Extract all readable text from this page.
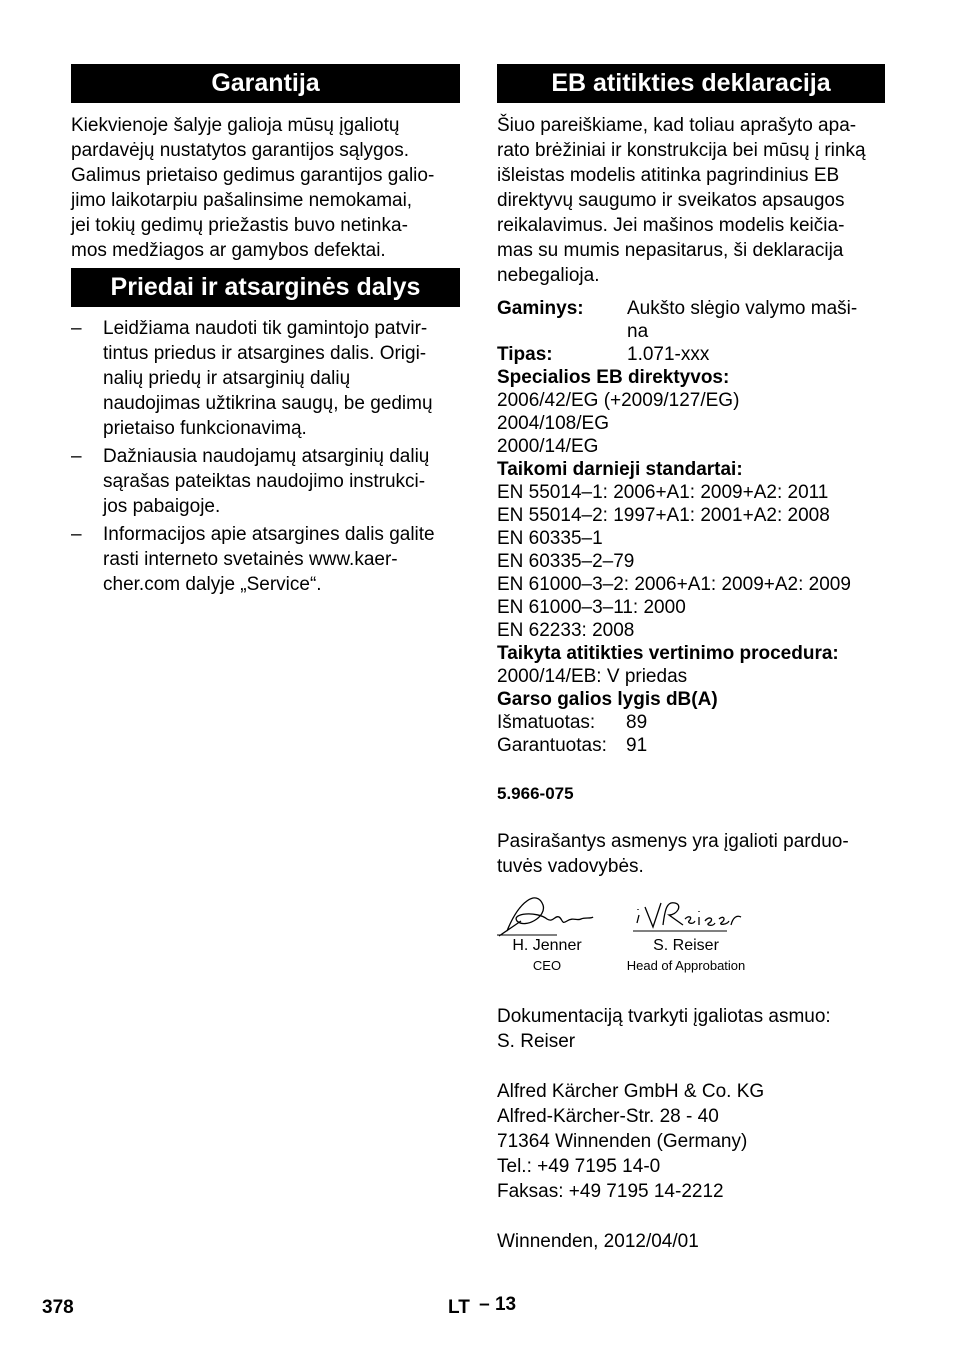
Garantija

Kiekvienoje šalyje galioja mūsų įgaliotų
pardavėjų nustatytos garantijos sąlygos.
Galimus prietaiso gedimus garantijos galio-
jimo laikotarpiu pašalinsime nemokamai,
jei tokių gedimų priežastis buvo netinka-
mos medžiagos ar gamybos defektai.

Priedai ir atsarginės dalys
– Leidžiama naudoti tik gamintojo patvir-
tintus priedus ir atsargines dalis. Origi-
nalių priedų ir atsarginių dalių
naudojimas užtikrina saugų, be gedimų
prietaiso funkcionavimą.
– Dažniausia naudojamų atsarginių dalių
sąrašas pateiktas naudojimo instrukci-
jos pabaigoje.
– Informacijos apie atsargines dalis galite
rasti interneto svetainės www.kaer-
cher.com dalyje „Service“.
EB atitikties deklaracija

Šiuo pareiškiame, kad toliau aprašyto apa-
rato brėžiniai ir konstrukcija bei mūsų į rinką
išleistas modelis atitinka pagrindinius EB
direktyvų saugumo ir sveikatos apsaugos
reikalavimus. Jei mašinos modelis keičia-
mas su mumis nepasitarus, ši deklaracija
nebegalioja.

Gaminys:	Aukšto slėgio valymo maši-
na
Tipas:	1.071-xxx
Specialios EB direktyvos:
2006/42/EG (+2009/127/EG)
2004/108/EG
2000/14/EG
Taikomi darnieji standartai:
EN 55014–1: 2006+A1: 2009+A2: 2011
EN 55014–2: 1997+A1: 2001+A2: 2008
EN 60335–1
EN 60335–2–79
EN 61000–3–2: 2006+A1: 2009+A2: 2009
EN 61000–3–11: 2000
EN 62233: 2008
Taikyta atitikties vertinimo procedura:
2000/14/EB: V priedas
Garso galios lygis dB(A)
Išmatuotas:	89
Garantuotas:	91
5.966-075

Pasirašantys asmenys yra įgalioti parduo-
tuvės vadovybės.

H. Jenner
CEO
S. Reiser
Head of Approbation

Dokumentaciją tvarkyti įgaliotas asmuo:
S. Reiser

Alfred Kärcher GmbH & Co. KG
Alfred-Kärcher-Str. 28 - 40
71364 Winnenden (Germany)
Tel.: +49 7195 14-0
Faksas: +49 7195 14-2212

Winnenden, 2012/04/01

378	LT – 13
